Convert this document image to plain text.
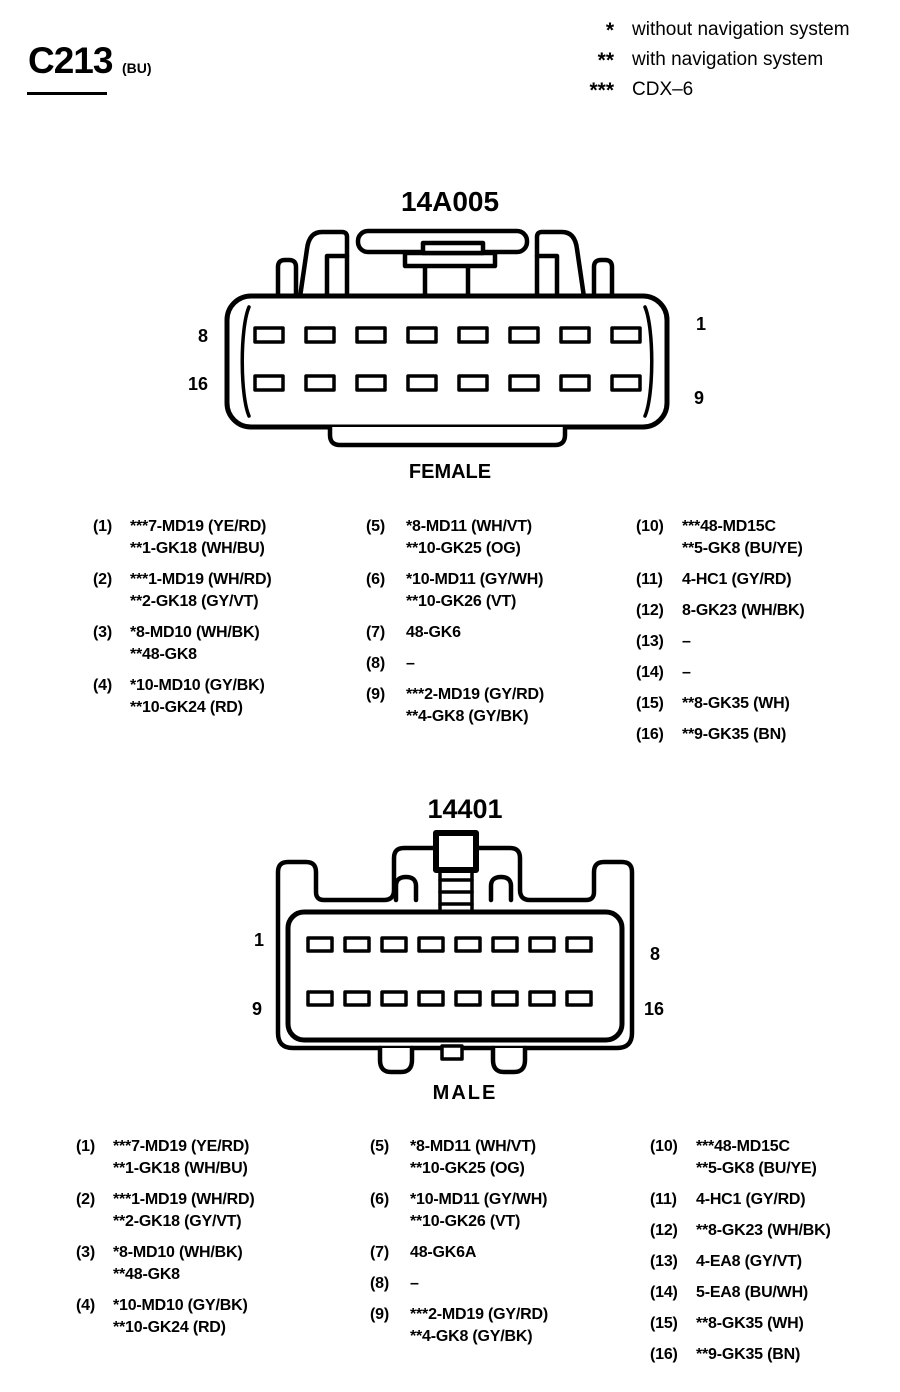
C213 (BU)
* without navigation system
** with navigation system
*** CDX–6
14A005
8
16
1
9
FEMALE
(1)	***7-MD19 (YE/RD)
**1-GK18 (WH/BU)
(2)	***1-MD19 (WH/RD)
**2-GK18 (GY/VT)
(3)	*8-MD10 (WH/BK)
**48-GK8
(4)	*10-MD10 (GY/BK)
**10-GK24 (RD)
(5)	*8-MD11 (WH/VT)
**10-GK25 (OG)
(6)	*10-MD11 (GY/WH)
**10-GK26 (VT)
(7)	48-GK6
(8)	–
(9)	***2-MD19 (GY/RD)
**4-GK8 (GY/BK)
(10)	***48-MD15C
**5-GK8 (BU/YE)
(11)	4-HC1 (GY/RD)
(12)	8-GK23 (WH/BK)
(13)	–
(14)	–
(15)	**8-GK35 (WH)
(16)	**9-GK35 (BN)
14401
1
9
8
16
MALE
(1)	***7-MD19 (YE/RD)
**1-GK18 (WH/BU)
(2)	***1-MD19 (WH/RD)
**2-GK18 (GY/VT)
(3)	*8-MD10 (WH/BK)
**48-GK8
(4)	*10-MD10 (GY/BK)
**10-GK24 (RD)
(5)	*8-MD11 (WH/VT)
**10-GK25 (OG)
(6)	*10-MD11 (GY/WH)
**10-GK26 (VT)
(7)	48-GK6A
(8)	–
(9)	***2-MD19 (GY/RD)
**4-GK8 (GY/BK)
(10)	***48-MD15C
**5-GK8 (BU/YE)
(11)	4-HC1 (GY/RD)
(12)	**8-GK23 (WH/BK)
(13)	4-EA8 (GY/VT)
(14)	5-EA8 (BU/WH)
(15)	**8-GK35 (WH)
(16)	**9-GK35 (BN)
